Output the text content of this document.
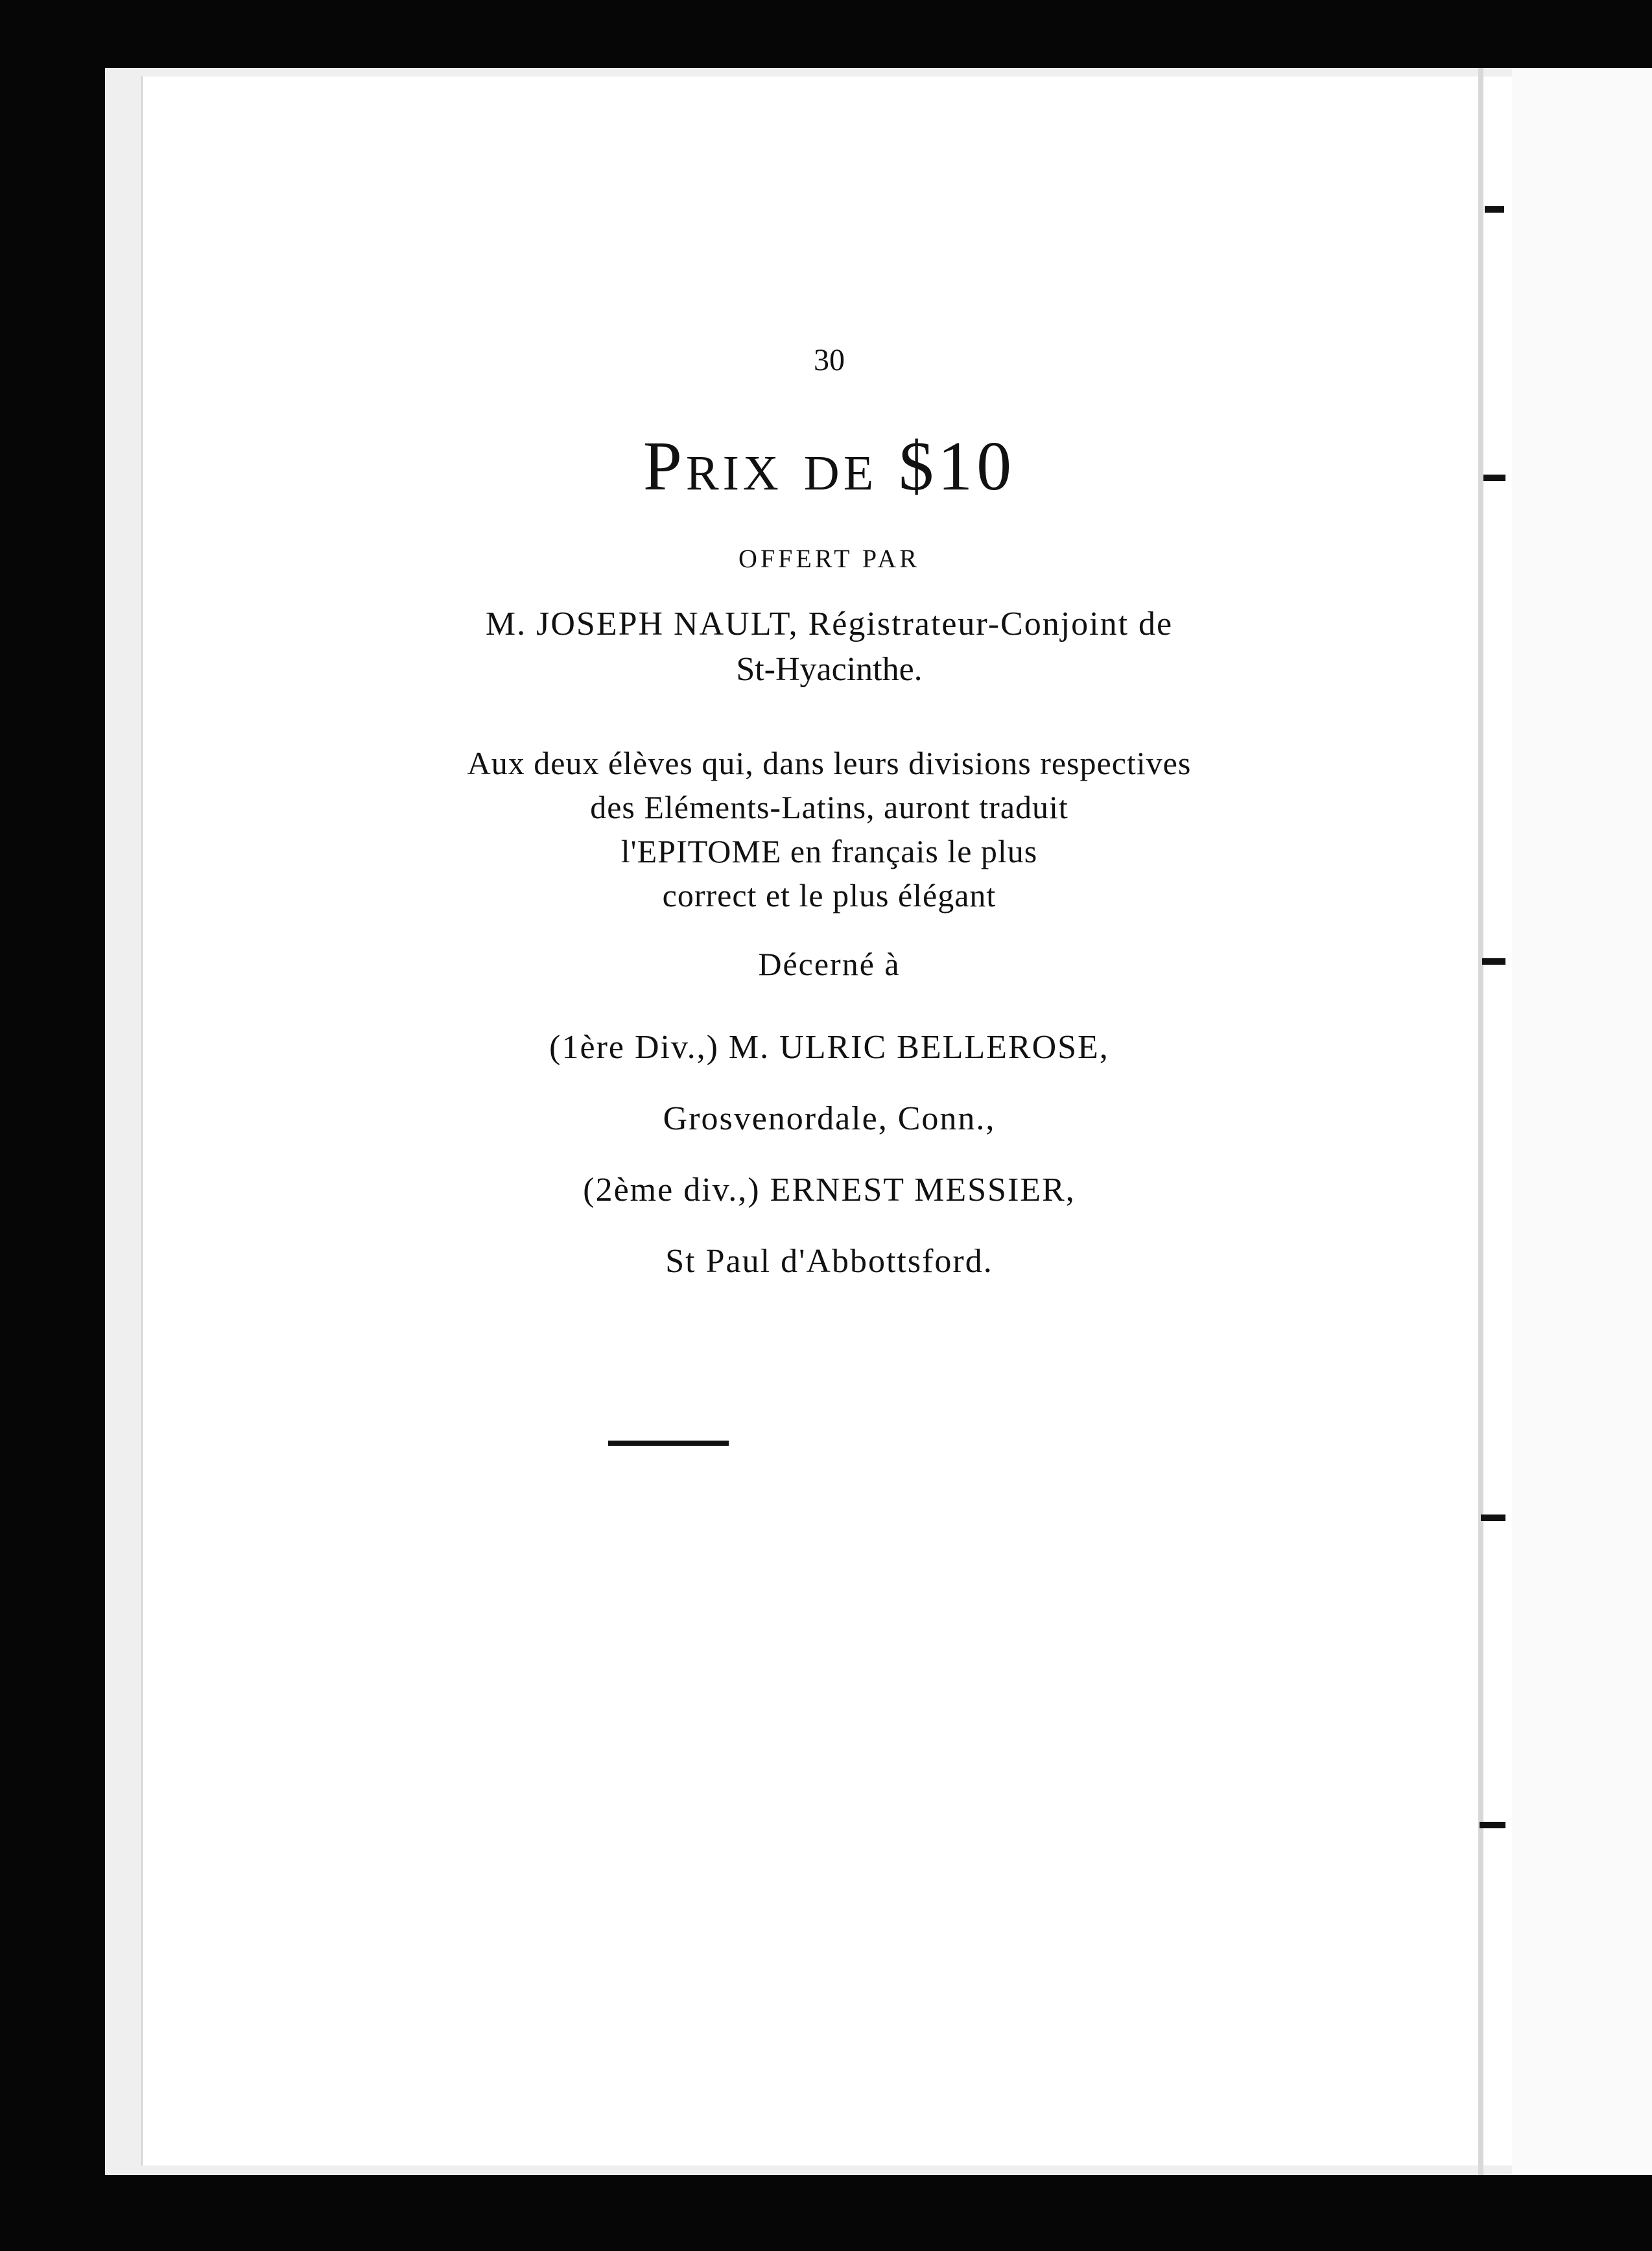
30
Prix de $10
OFFERT PAR
M. JOSEPH NAULT, Régistrateur-Conjoint de
St-Hyacinthe.
Aux deux élèves qui, dans leurs divisions respectives
des Eléments-Latins, auront traduit
l'EPITOME en français le plus
correct et le plus élégant
Décerné à
(1ère Div.,) M. ULRIC BELLEROSE,
Grosvenordale, Conn.,
(2ème div.,) ERNEST MESSIER,
St Paul d'Abbottsford.
